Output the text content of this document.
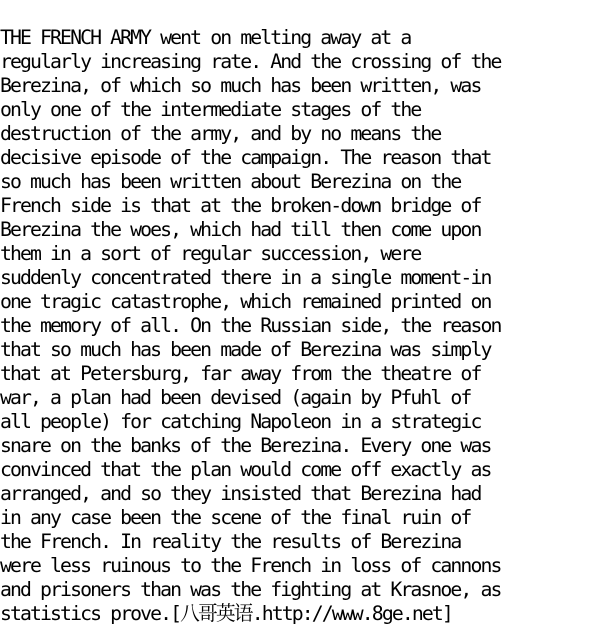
THE FRENCH ARMY went on melting away at a
regularly increasing rate. And the crossing of the
Berezina, of which so much has been written, was
only one of the intermediate stages of the
destruction of the army, and by no means the
decisive episode of the campaign. The reason that
so much has been written about Berezina on the
French side is that at the broken-down bridge of
Berezina the woes, which had till then come upon
them in a sort of regular succession, were
suddenly concentrated there in a single moment-in
one tragic catastrophe, which remained printed on
the memory of all. On the Russian side, the reason
that so much has been made of Berezina was simply
that at Petersburg, far away from the theatre of
war, a plan had been devised (again by Pfuhl of
all people) for catching Napoleon in a strategic
snare on the banks of the Berezina. Every one was
convinced that the plan would come off exactly as
arranged, and so they insisted that Berezina had
in any case been the scene of the final ruin of
the French. In reality the results of Berezina
were less ruinous to the French in loss of cannons
and prisoners than was the fighting at Krasnoe, as
statistics prove.[八哥英语.http://www.8ge.net]
